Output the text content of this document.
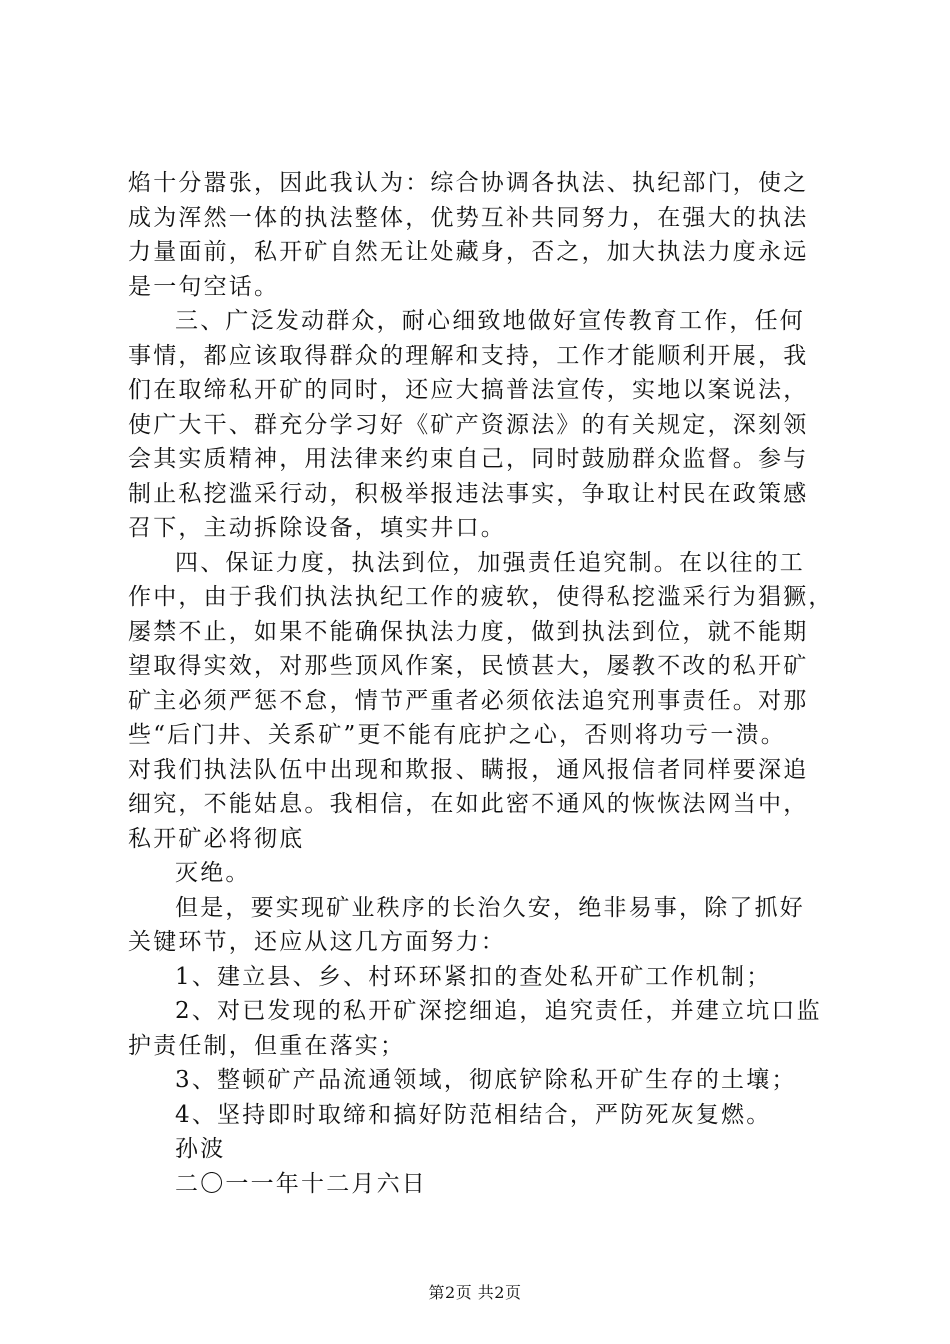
焰十分嚣张，因此我认为：综合协调各执法、执纪部门，使之
成为浑然一体的执法整体，优势互补共同努力，在强大的执法
力量面前，私开矿自然无让处藏身，否之，加大执法力度永远
是一句空话。
三、广泛发动群众，耐心细致地做好宣传教育工作，任何
事情，都应该取得群众的理解和支持，工作才能顺利开展，我
们在取缔私开矿的同时，还应大搞普法宣传，实地以案说法，
使广大干、群充分学习好《矿产资源法》的有关规定，深刻领
会其实质精神，用法律来约束自己，同时鼓励群众监督。参与
制止私挖滥采行动，积极举报违法事实，争取让村民在政策感
召下，主动拆除设备，填实井口。
四、保证力度，执法到位，加强责任追究制。在以往的工
作中，由于我们执法执纪工作的疲软，使得私挖滥采行为猖獗，
屡禁不止，如果不能确保执法力度，做到执法到位，就不能期
望取得实效，对那些顶风作案，民愤甚大，屡教不改的私开矿
矿主必须严惩不怠，情节严重者必须依法追究刑事责任。对那
些“后门井、关系矿”更不能有庇护之心，否则将功亏一溃。
对我们执法队伍中出现和欺报、瞒报，通风报信者同样要深追
细究，不能姑息。我相信，在如此密不通风的恢恢法网当中，
私开矿必将彻底
灭绝。
但是，要实现矿业秩序的长治久安，绝非易事，除了抓好
关键环节，还应从这几方面努力：
1、建立县、乡、村环环紧扣的查处私开矿工作机制；
2、对已发现的私开矿深挖细追，追究责任，并建立坑口监
护责任制，但重在落实；
3、整顿矿产品流通领域，彻底铲除私开矿生存的土壤；
4、坚持即时取缔和搞好防范相结合，严防死灰复燃。
孙波
二〇一一年十二月六日
第2页 共2页
